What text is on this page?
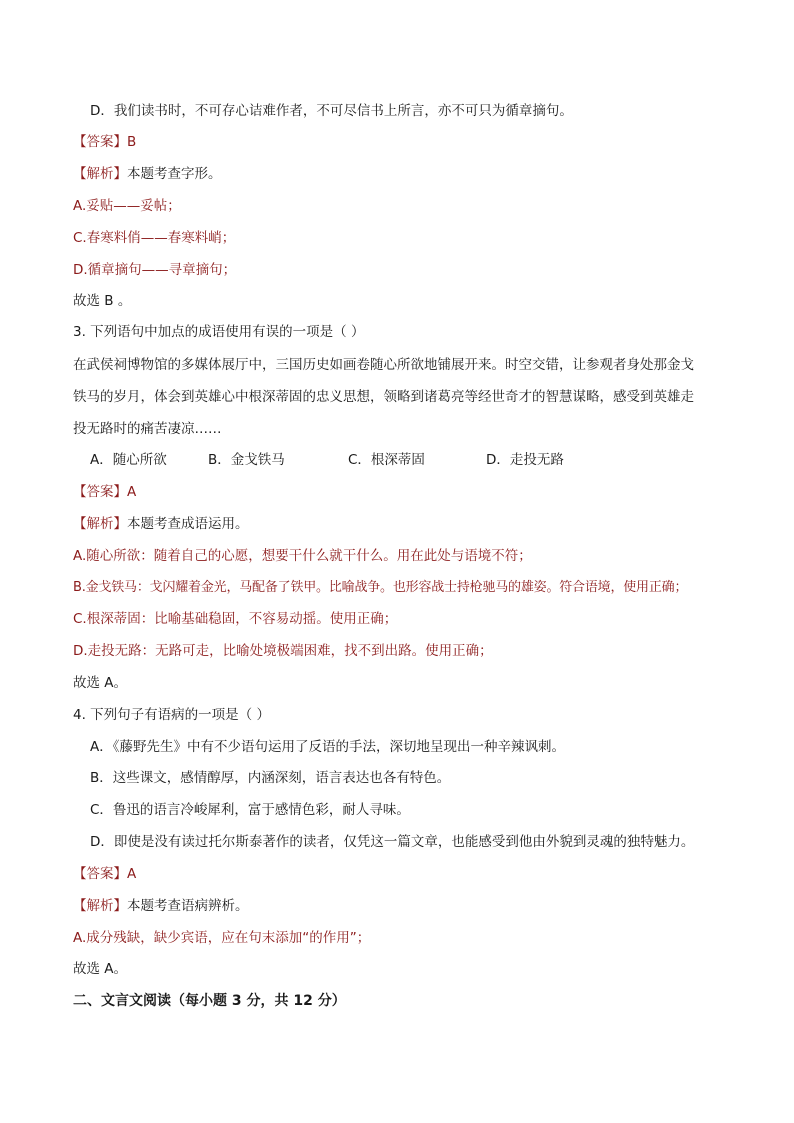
D．我们读书时，不可存心诘难作者，不可尽信书上所言，亦不可只为循章摘句。
【答案】B
【解析】本题考查字形。
A.妥贴——妥帖；
C.春寒料俏——春寒料峭；
D.循章摘句——寻章摘句；
故选 B 。
3. 下列语句中加点的成语使用有误的一项是（ ）
在武侯祠博物馆的多媒体展厅中，三国历史如画卷随心所欲地铺展开来。时空交错，让参观者身处那金戈
铁马的岁月，体会到英雄心中根深蒂固的忠义思想，领略到诸葛亮等经世奇才的智慧谋略，感受到英雄走
投无路时的痛苦凄凉……
A．随心所欲	B．金戈铁马	C．根深蒂固	D．走投无路
【答案】A
【解析】本题考查成语运用。
A.随心所欲：随着自己的心愿，想要干什么就干什么。用在此处与语境不符；
B.金戈铁马：戈闪耀着金光，马配备了铁甲。比喻战争。也形容战士持枪驰马的雄姿。符合语境，使用正确；
C.根深蒂固：比喻基础稳固，不容易动摇。使用正确；
D.走投无路：无路可走，比喻处境极端困难，找不到出路。使用正确；
故选 A。
4. 下列句子有语病的一项是（ ）
A．《藤野先生》中有不少语句运用了反语的手法，深切地呈现出一种辛辣讽刺。
B．这些课文，感情醇厚，内涵深刻，语言表达也各有特色。
C．鲁迅的语言冷峻犀利，富于感情色彩，耐人寻味。
D．即使是没有读过托尔斯泰著作的读者，仅凭这一篇文章，也能感受到他由外貌到灵魂的独特魅力。
【答案】A
【解析】本题考查语病辨析。
A.成分残缺，缺少宾语，应在句末添加“的作用”；
故选 A。
二、文言文阅读（每小题 3 分，共 12 分）
